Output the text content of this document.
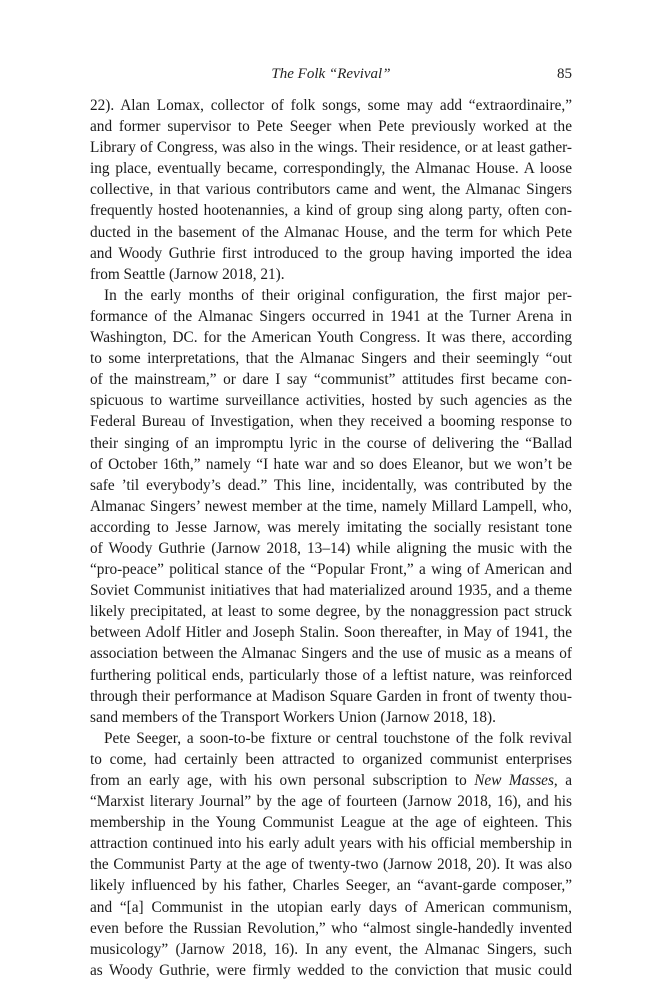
The Folk “Revival”	85

22). Alan Lomax, collector of folk songs, some may add “extraordinaire,”

and former supervisor to Pete Seeger when Pete previously worked at the

Library of Congress, was also in the wings. Their residence, or at least gather-

ing place, eventually became, correspondingly, the Almanac House. A loose

collective, in that various contributors came and went, the Almanac Singers

frequently hosted hootenannies, a kind of group sing along party, often con-

ducted in the basement of the Almanac House, and the term for which Pete

and Woody Guthrie first introduced to the group having imported the idea

from Seattle (Jarnow 2018, 21).

In the early months of their original configuration, the first major per-

formance of the Almanac Singers occurred in 1941 at the Turner Arena in

Washington, DC. for the American Youth Congress. It was there, according

to some interpretations, that the Almanac Singers and their seemingly “out

of the mainstream,” or dare I say “communist” attitudes first became con-

spicuous to wartime surveillance activities, hosted by such agencies as the

Federal Bureau of Investigation, when they received a booming response to

their singing of an impromptu lyric in the course of delivering the “Ballad

of October 16th,” namely “I hate war and so does Eleanor, but we won’t be

safe ’til everybody’s dead.” This line, incidentally, was contributed by the

Almanac Singers’ newest member at the time, namely Millard Lampell, who,

according to Jesse Jarnow, was merely imitating the socially resistant tone

of Woody Guthrie (Jarnow 2018, 13–14) while aligning the music with the

“pro-peace” political stance of the “Popular Front,” a wing of American and

Soviet Communist initiatives that had materialized around 1935, and a theme

likely precipitated, at least to some degree, by the nonaggression pact struck

between Adolf Hitler and Joseph Stalin. Soon thereafter, in May of 1941, the

association between the Almanac Singers and the use of music as a means of

furthering political ends, particularly those of a leftist nature, was reinforced

through their performance at Madison Square Garden in front of twenty thou-

sand members of the Transport Workers Union (Jarnow 2018, 18).

Pete Seeger, a soon-to-be fixture or central touchstone of the folk revival

to come, had certainly been attracted to organized communist enterprises

from an early age, with his own personal subscription to New Masses, a

“Marxist literary Journal” by the age of fourteen (Jarnow 2018, 16), and his

membership in the Young Communist League at the age of eighteen. This

attraction continued into his early adult years with his official membership in

the Communist Party at the age of twenty-two (Jarnow 2018, 20). It was also

likely influenced by his father, Charles Seeger, an “avant-garde composer,”

and “[a] Communist in the utopian early days of American communism,

even before the Russian Revolution,” who “almost single-handedly invented

musicology” (Jarnow 2018, 16). In any event, the Almanac Singers, such

as Woody Guthrie, were firmly wedded to the conviction that music could
